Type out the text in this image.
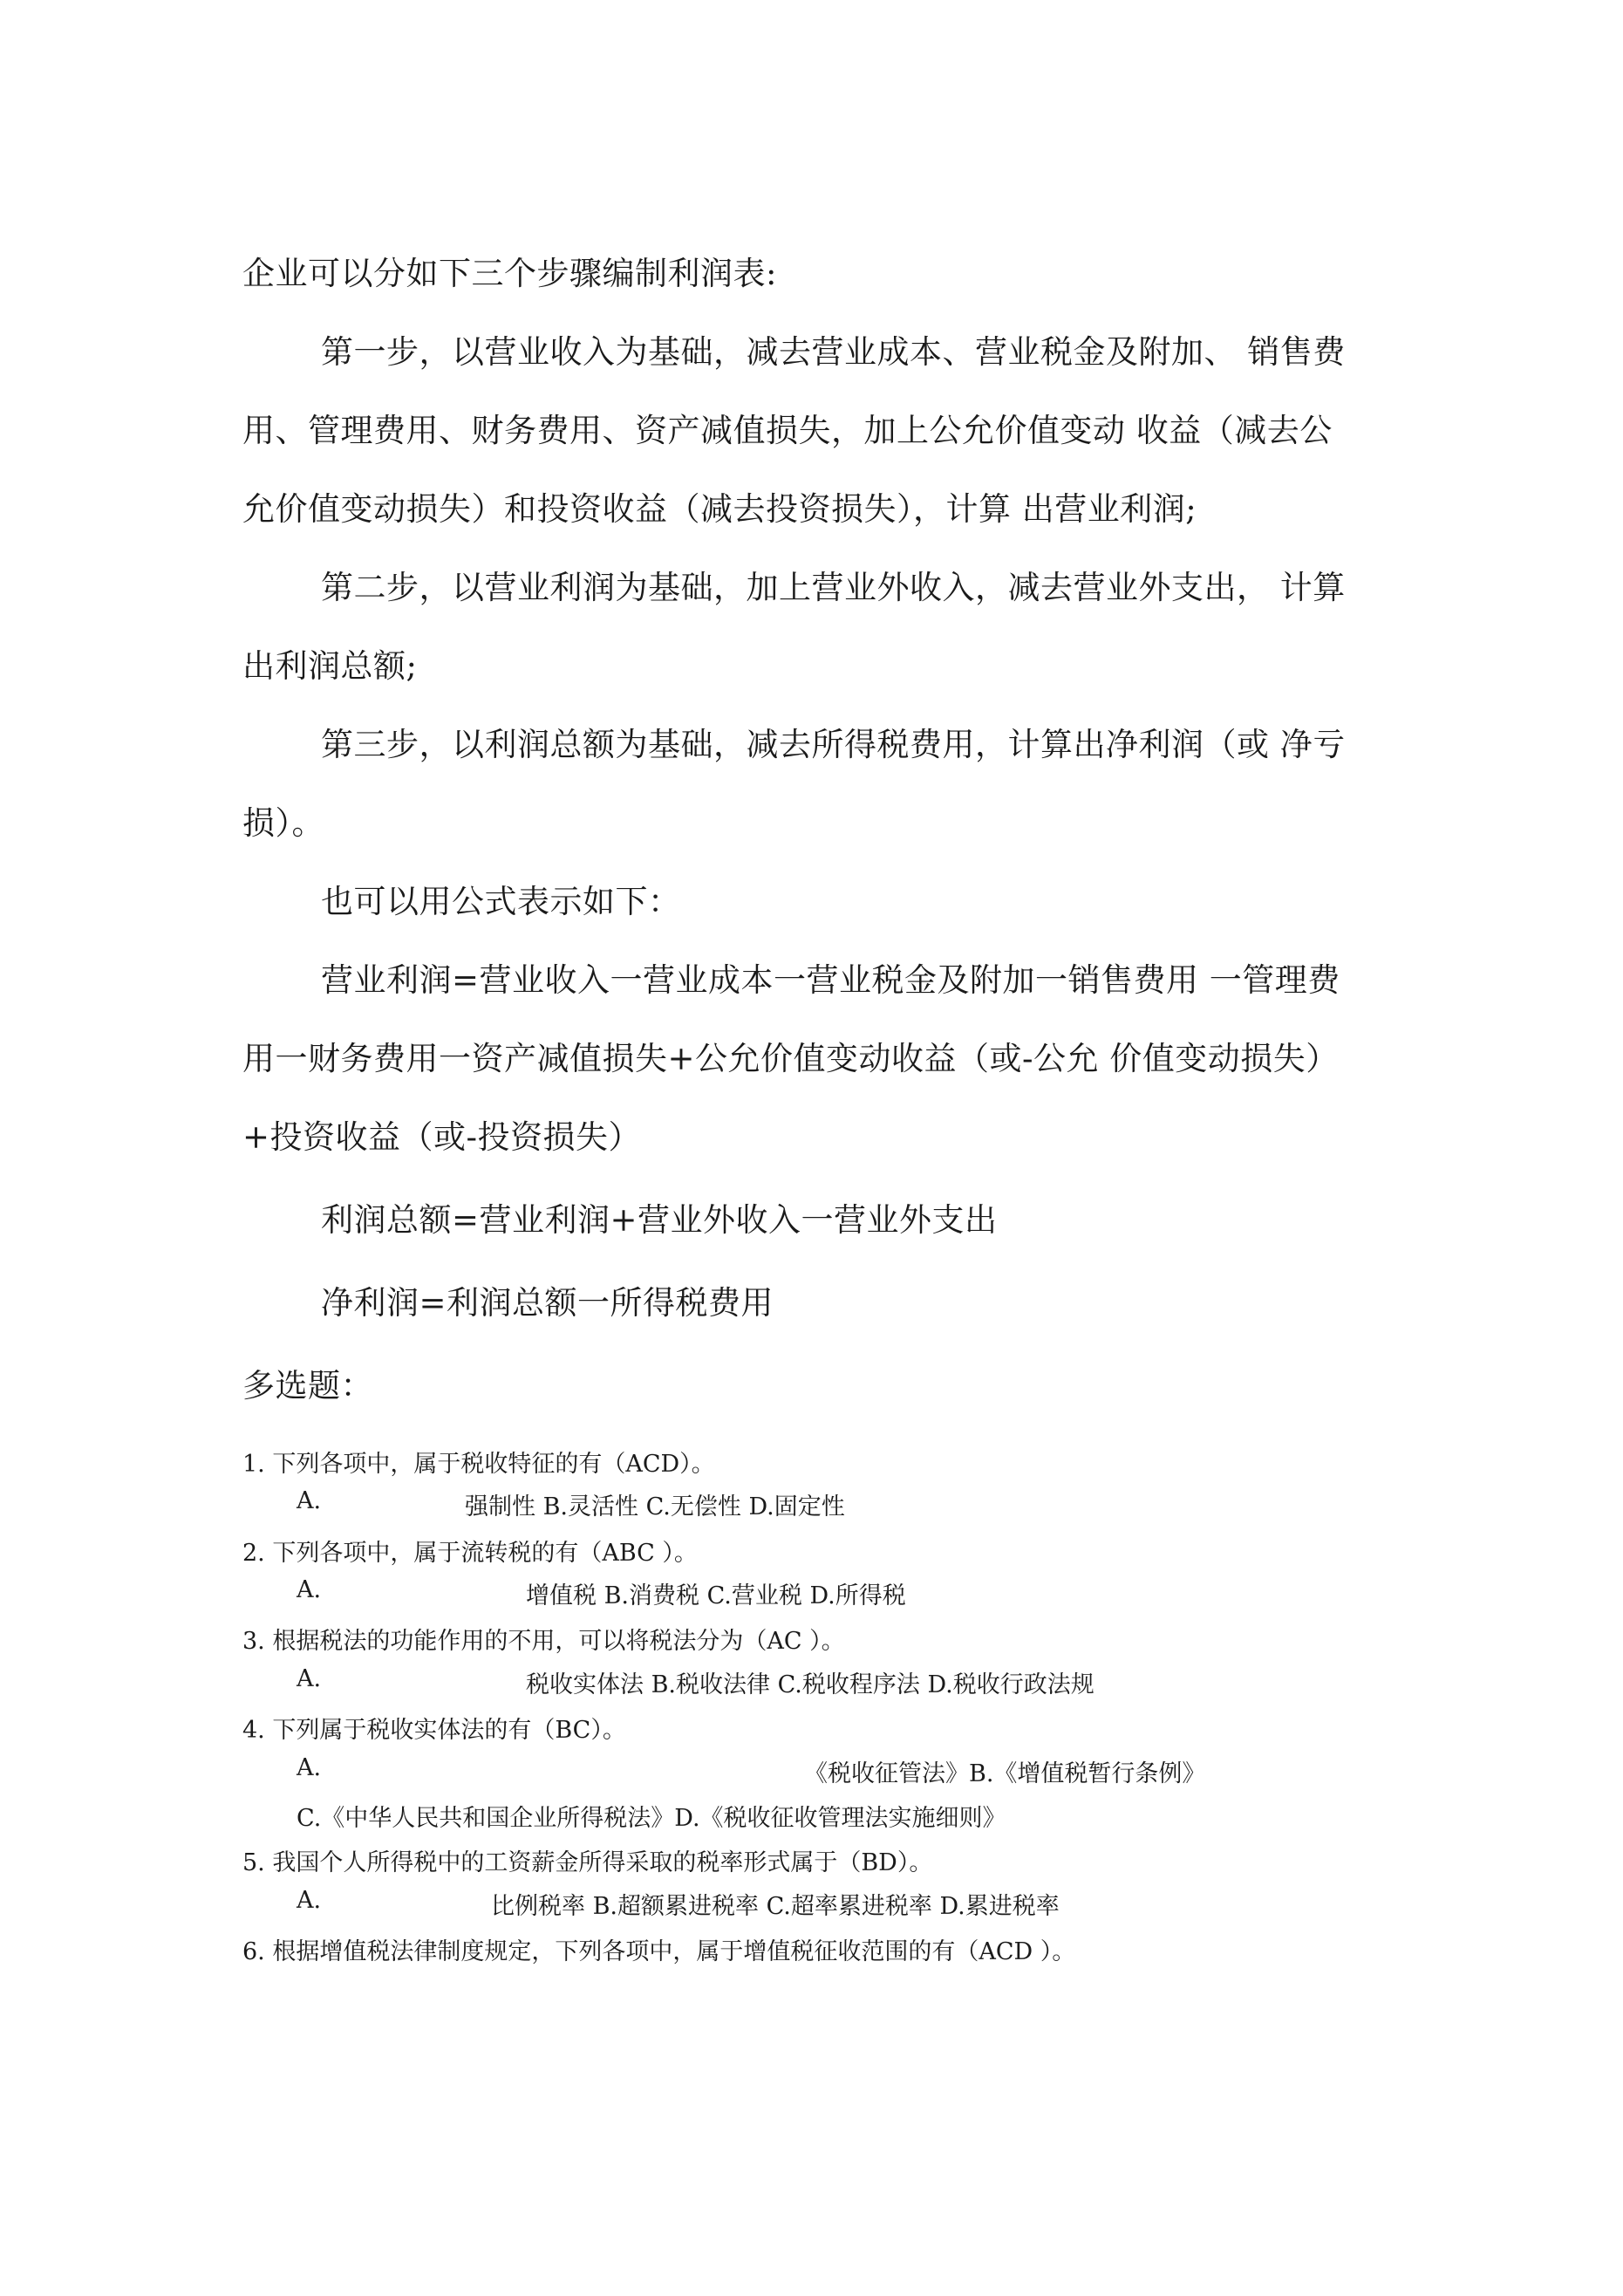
企业可以分如下三个步骤编制利润表:

第一步，以营业收入为基础，减去营业成本、营业税金及附加、 销售费

用、管理费用、财务费用、资产减值损失，加上公允价值变动 收益（减去公

允价值变动损失）和投资收益（减去投资损失），计算 出营业利润;

第二步，以营业利润为基础，加上营业外收入，减去营业外支出， 计算

出利润总额;

第三步，以利润总额为基础，减去所得税费用，计算出净利润（或 净亏

损）。

也可以用公式表示如下：

营业利润=营业收入一营业成本一营业税金及附加一销售费用 一管理费

用一财务费用一资产减值损失+公允价值变动收益（或-公允 价值变动损失）

+投资收益（或-投资损失）

利润总额=营业利润+营业外收入一营业外支出

净利润=利润总额一所得税费用

多选题：

1. 下列各项中，属于税收特征的有（ACD）。

A.	强制性 B.灵活性 C.无偿性 D.固定性

2. 下列各项中，属于流转税的有（ABC ）。

A.	增值税 B.消费税 C.营业税 D.所得税

3. 根据税法的功能作用的不用，可以将税法分为（AC ）。

A.	税收实体法 B.税收法律 C.税收程序法 D.税收行政法规

4. 下列属于税收实体法的有（BC）。

A.	《税收征管法》B.《增值税暂行条例》

C.《中华人民共和国企业所得税法》D.《税收征收管理法实施细则》

5. 我国个人所得税中的工资薪金所得采取的税率形式属于（BD）。

A.	比例税率 B.超额累进税率 C.超率累进税率 D.累进税率

6. 根据增值税法律制度规定，下列各项中，属于增值税征收范围的有（ACD ）。
